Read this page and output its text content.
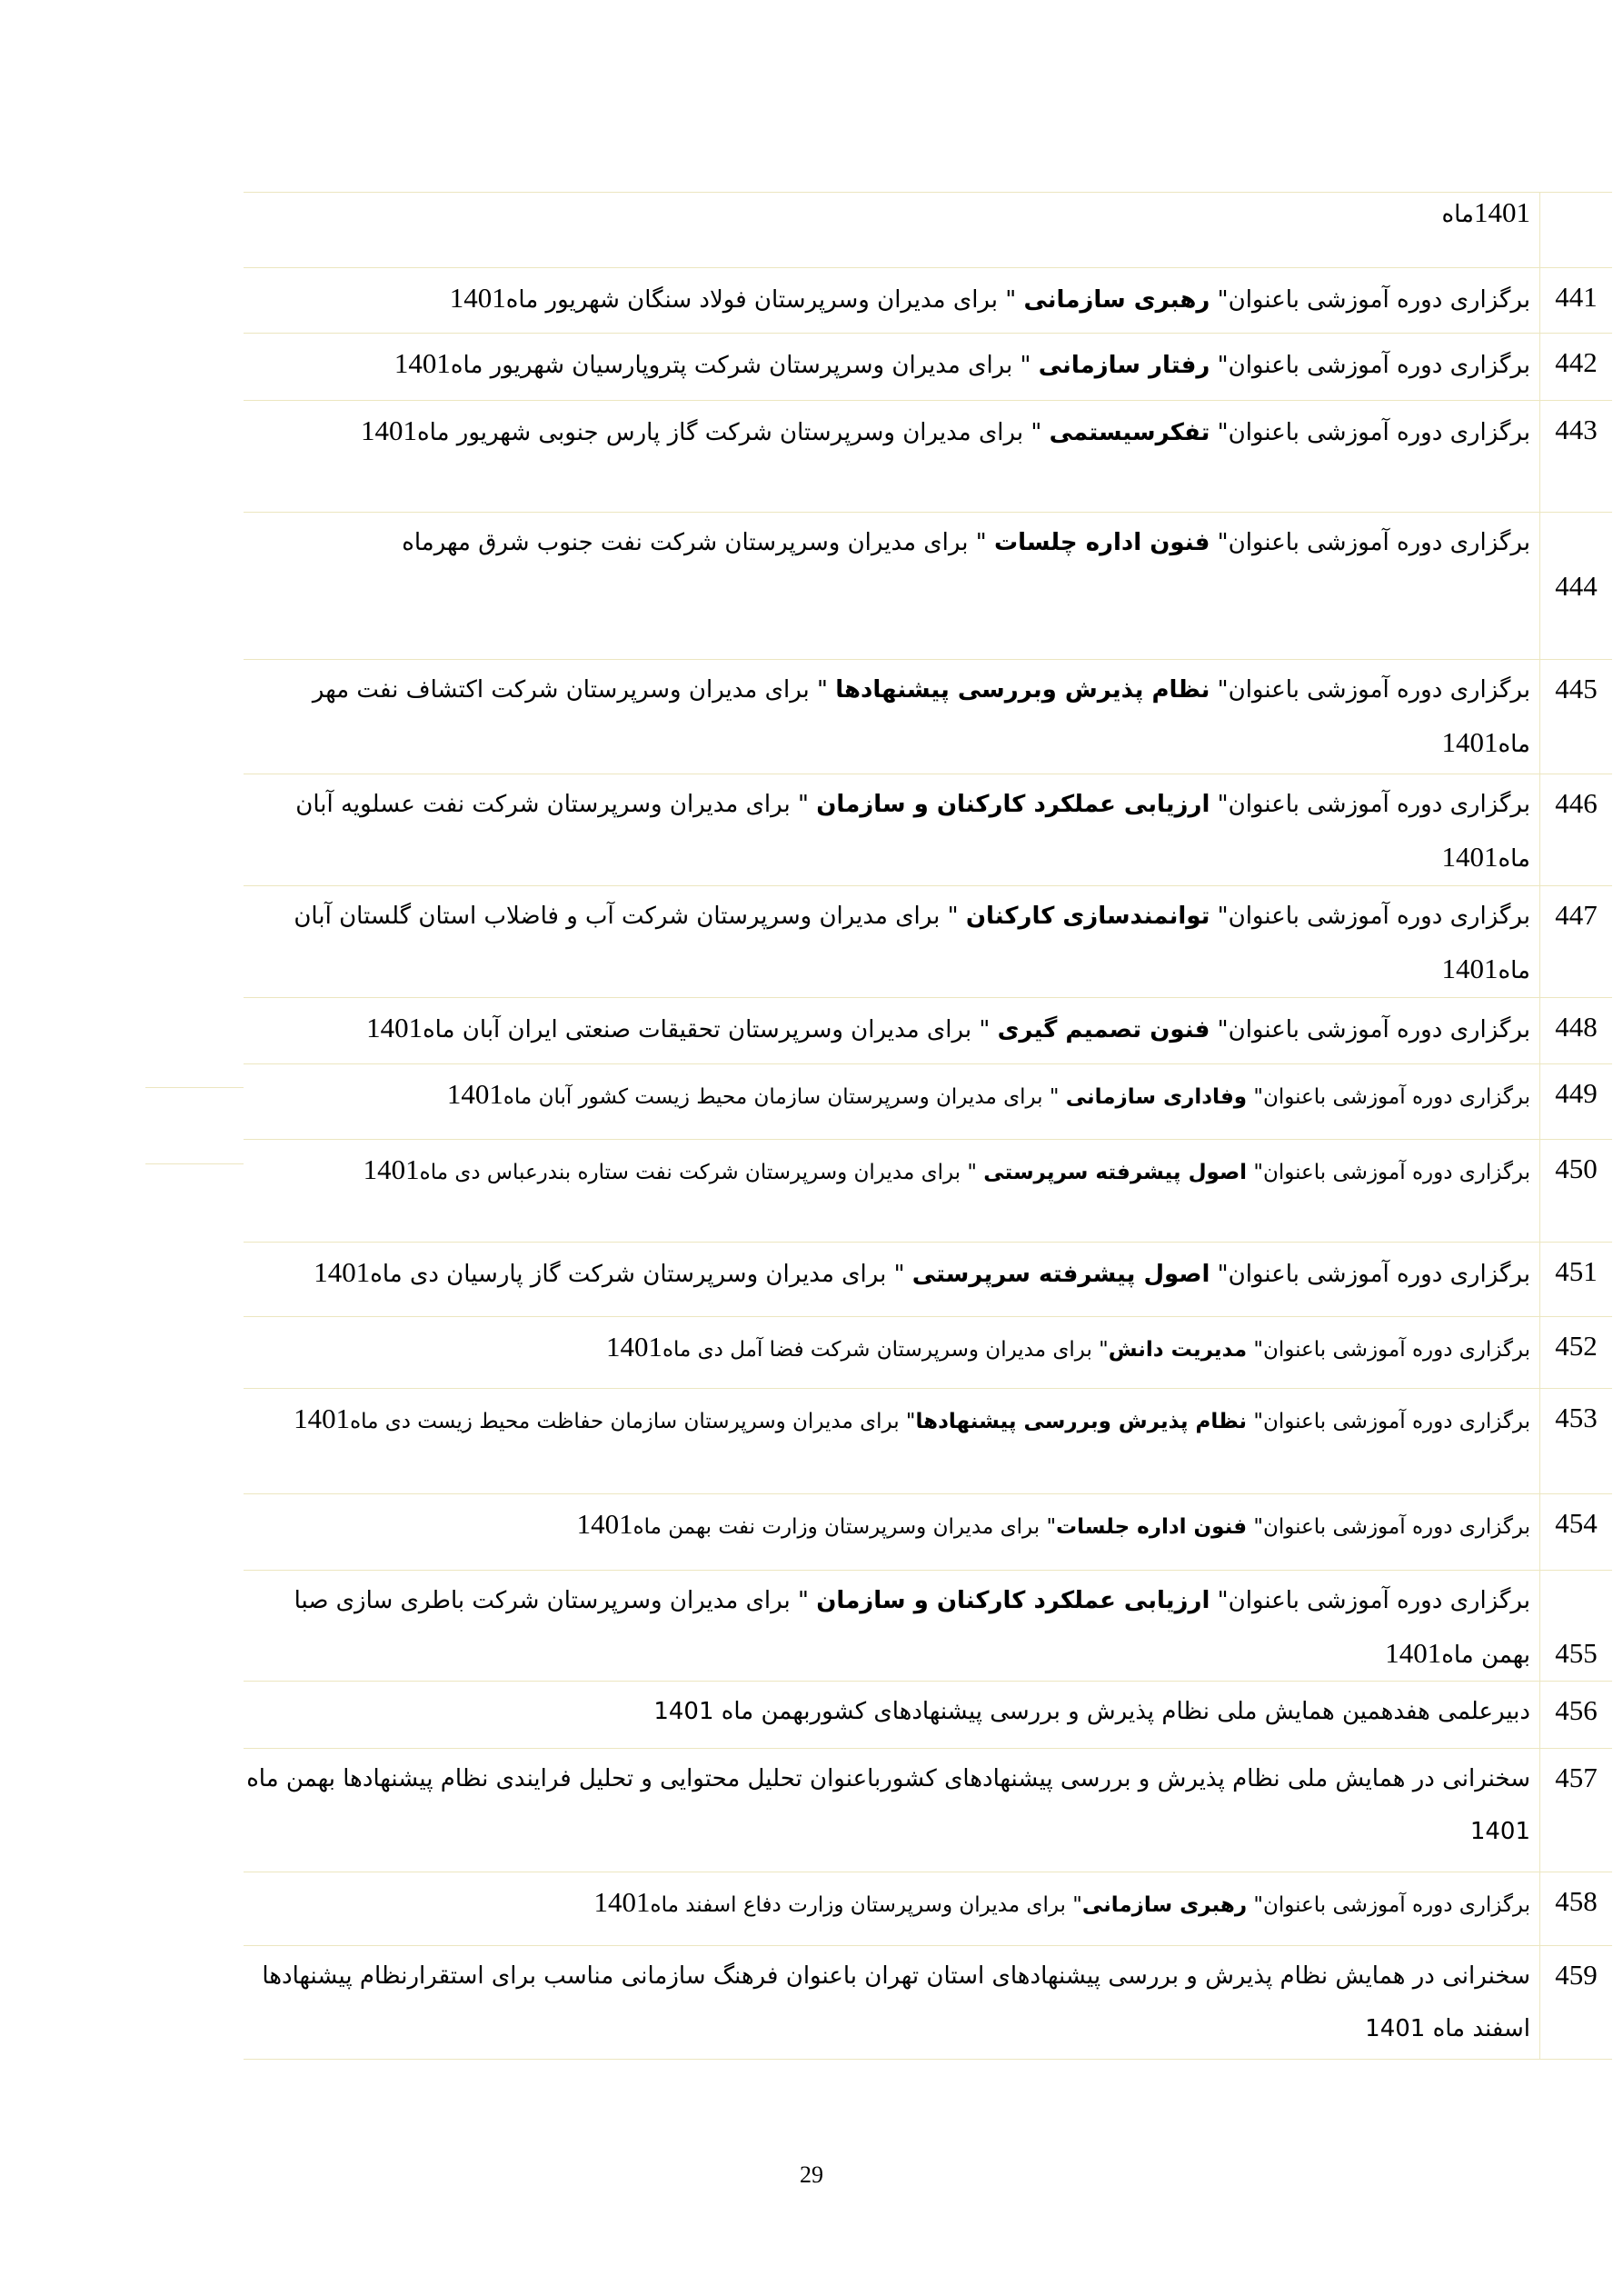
1401ماه
441
برگزاری دوره آموزشی باعنوان" رهبری سازمانی " برای مدیران وسرپرستان فولاد سنگان شهریور ماه1401
442
برگزاری دوره آموزشی باعنوان" رفتار سازمانی " برای مدیران وسرپرستان شرکت پتروپارسیان شهریور ماه1401
443
برگزاری دوره آموزشی باعنوان" تفکرسیستمی " برای مدیران وسرپرستان شرکت گاز پارس جنوبی شهریور ماه1401
444
برگزاری دوره آموزشی باعنوان" فنون اداره چلسات " برای مدیران وسرپرستان شرکت نفت جنوب شرق مهرماه
445
برگزاری دوره آموزشی باعنوان" نظام پذیرش وبررسی پیشنهادها " برای مدیران وسرپرستان شرکت اکتشاف نفت مهر ماه1401
446
برگزاری دوره آموزشی باعنوان" ارزیابی عملکرد کارکنان و سازمان " برای مدیران وسرپرستان شرکت نفت عسلویه آبان ماه1401
447
برگزاری دوره آموزشی باعنوان" توانمندسازی کارکنان " برای مدیران وسرپرستان شرکت آب و فاضلاب استان گلستان آبان ماه1401
448
برگزاری دوره آموزشی باعنوان" فنون تصمیم گیری " برای مدیران وسرپرستان تحقیقات صنعتی ایران آبان ماه1401
449
برگزاری دوره آموزشی باعنوان" وفاداری سازمانی " برای مدیران وسرپرستان سازمان محیط زیست کشور آبان ماه1401
450
برگزاری دوره آموزشی باعنوان" اصول پیشرفته سرپرستی " برای مدیران وسرپرستان شرکت نفت ستاره بندرعباس دی ماه1401
451
برگزاری دوره آموزشی باعنوان" اصول پیشرفته سرپرستی " برای مدیران وسرپرستان شرکت گاز پارسیان دی ماه1401
452
برگزاری دوره آموزشی باعنوان" مدیریت دانش" برای مدیران وسرپرستان شرکت فضا آمل دی ماه1401
453
برگزاری دوره آموزشی باعنوان" نظام پذیرش وبررسی پیشنهادها" برای مدیران وسرپرستان سازمان حفاظت محیط زیست دی ماه1401
454
برگزاری دوره آموزشی باعنوان" فنون اداره جلسات" برای مدیران وسرپرستان وزارت نفت بهمن ماه1401
455
برگزاری دوره آموزشی باعنوان" ارزیابی عملکرد کارکنان و سازمان " برای مدیران وسرپرستان شرکت باطری سازی صبا بهمن ماه1401
456
دبیرعلمی هفدهمین همایش ملی نظام پذیرش و بررسی پیشنهادهای کشوربهمن ماه 1401
457
سخنرانی در همایش ملی نظام پذیرش و بررسی پیشنهادهای کشورباعنوان تحلیل محتوایی و تحلیل فرایندی نظام پیشنهادها بهمن ماه 1401
458
برگزاری دوره آموزشی باعنوان" رهبری سازمانی" برای مدیران وسرپرستان وزارت دفاع اسفند ماه1401
459
سخنرانی در همایش نظام پذیرش و بررسی پیشنهادهای استان تهران باعنوان فرهنگ سازمانی مناسب برای استقرارنظام پیشنهادها اسفند ماه 1401
29
